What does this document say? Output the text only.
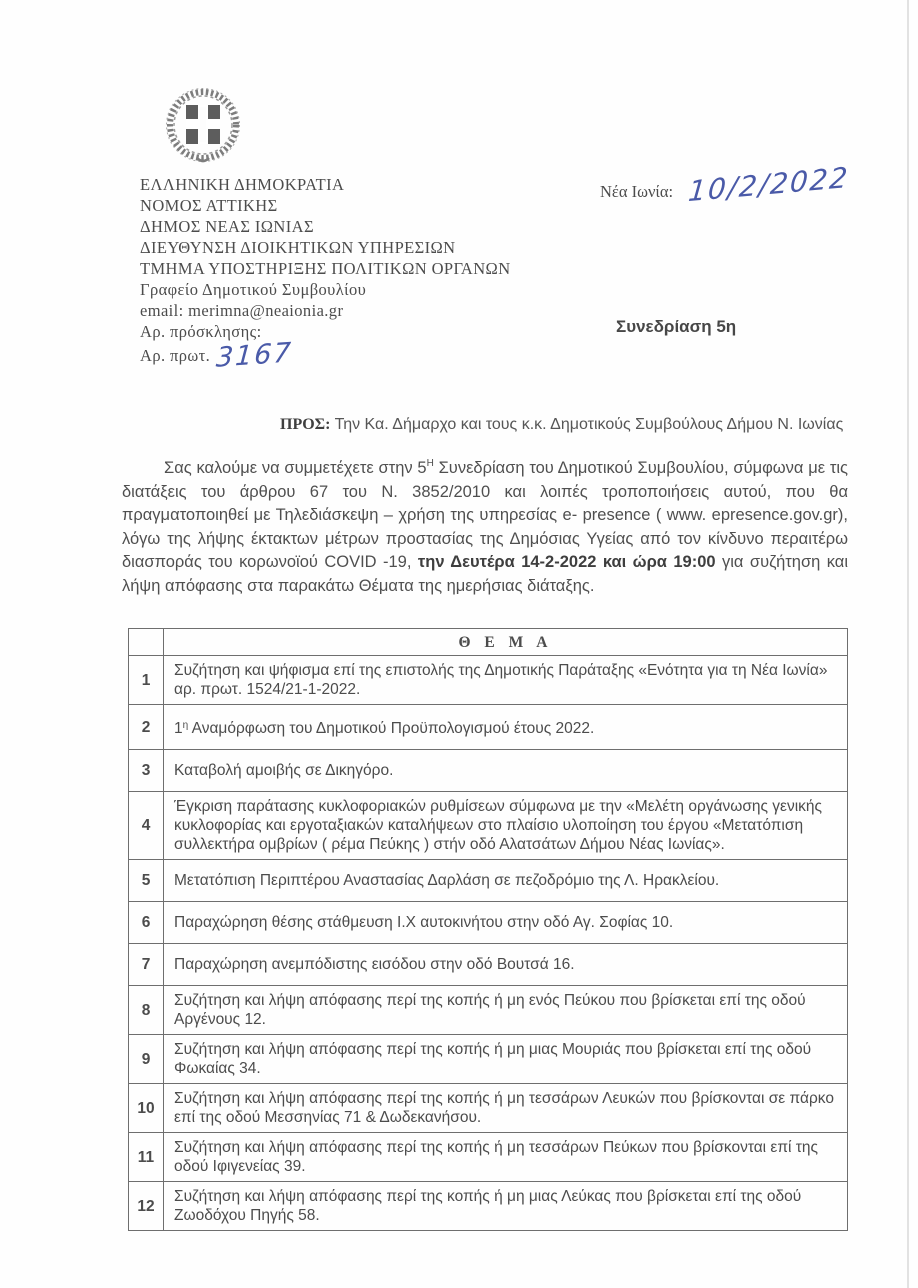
ΕΛΛΗΝΙΚΗ ΔΗΜΟΚΡΑΤΙΑ
ΝΟΜΟΣ ΑΤΤΙΚΗΣ
ΔΗΜΟΣ ΝΕΑΣ ΙΩΝΙΑΣ
ΔΙΕΥΘΥΝΣΗ ΔΙΟΙΚΗΤΙΚΩΝ ΥΠΗΡΕΣΙΩΝ
ΤΜΗΜΑ ΥΠΟΣΤΗΡΙΞΗΣ ΠΟΛΙΤΙΚΩΝ ΟΡΓΑΝΩΝ
Γραφείο Δημοτικού Συμβουλίου
email: merimna@neaionia.gr
Αρ. πρόσκλησης:
Αρ. πρωτ. 3167
Νέα Ιωνία: 10/2/2022
Συνεδρίαση 5η
ΠΡΟΣ: Την Κα. Δήμαρχο και τους κ.κ. Δημοτικούς Συμβούλους Δήμου Ν. Ιωνίας
Σας καλούμε να συμμετέχετε στην $5^H$ Συνεδρίαση του Δημοτικού Συμβουλίου, σύμφωνα με τις διατάξεις του άρθρου 67 του Ν. 3852/2010 και λοιπές τροποποιήσεις αυτού, που θα πραγματοποιηθεί με Τηλεδιάσκεψη – χρήση της υπηρεσίας e- presence ( www. epresence.gov.gr), λόγω της λήψης έκτακτων μέτρων προστασίας της Δημόσιας Υγείας από τον κίνδυνο περαιτέρω διασποράς του κορωνοϊού COVID -19, την Δευτέρα 14-2-2022 και ώρα 19:00 για συζήτηση και λήψη απόφασης στα παρακάτω Θέματα της ημερήσιας διάταξης.
	Θ Ε Μ Α
1	Συζήτηση και ψήφισμα επί της επιστολής της Δημοτικής Παράταξης «Ενότητα για τη Νέα Ιωνία» αρ. πρωτ. 1524/21-1-2022.
2	$1^\eta$ Αναμόρφωση του Δημοτικού Προϋπολογισμού έτους 2022.
3	Καταβολή αμοιβής σε Δικηγόρο.
4	Έγκριση παράτασης κυκλοφοριακών ρυθμίσεων σύμφωνα με την «Μελέτη οργάνωσης γενικής κυκλοφορίας και εργοταξιακών καταλήψεων στο πλαίσιο υλοποίηση του έργου «Μετατόπιση συλλεκτήρα ομβρίων ( ρέμα Πεύκης ) στήν οδό Αλατσάτων Δήμου Νέας Ιωνίας».
5	Μετατόπιση Περιπτέρου Αναστασίας Δαρλάση σε πεζοδρόμιο της Λ. Ηρακλείου.
6	Παραχώρηση θέσης στάθμευση Ι.Χ αυτοκινήτου στην οδό Αγ. Σοφίας 10.
7	Παραχώρηση ανεμπόδιστης εισόδου στην οδό Βουτσά 16.
8	Συζήτηση και λήψη απόφασης περί της κοπής ή μη ενός Πεύκου που βρίσκεται επί της οδού Αργένους 12.
9	Συζήτηση και λήψη απόφασης περί της κοπής ή μη μιας Μουριάς που βρίσκεται επί της οδού Φωκαίας 34.
10	Συζήτηση και λήψη απόφασης περί της κοπής ή μη τεσσάρων Λευκών που βρίσκονται σε πάρκο επί της οδού Μεσσηνίας 71 & Δωδεκανήσου.
11	Συζήτηση και λήψη απόφασης περί της κοπής ή μη τεσσάρων Πεύκων που βρίσκονται επί της οδού Ιφιγενείας 39.
12	Συζήτηση και λήψη απόφασης περί της κοπής ή μη μιας Λεύκας που βρίσκεται επί της οδού Ζωοδόχου Πηγής 58.
